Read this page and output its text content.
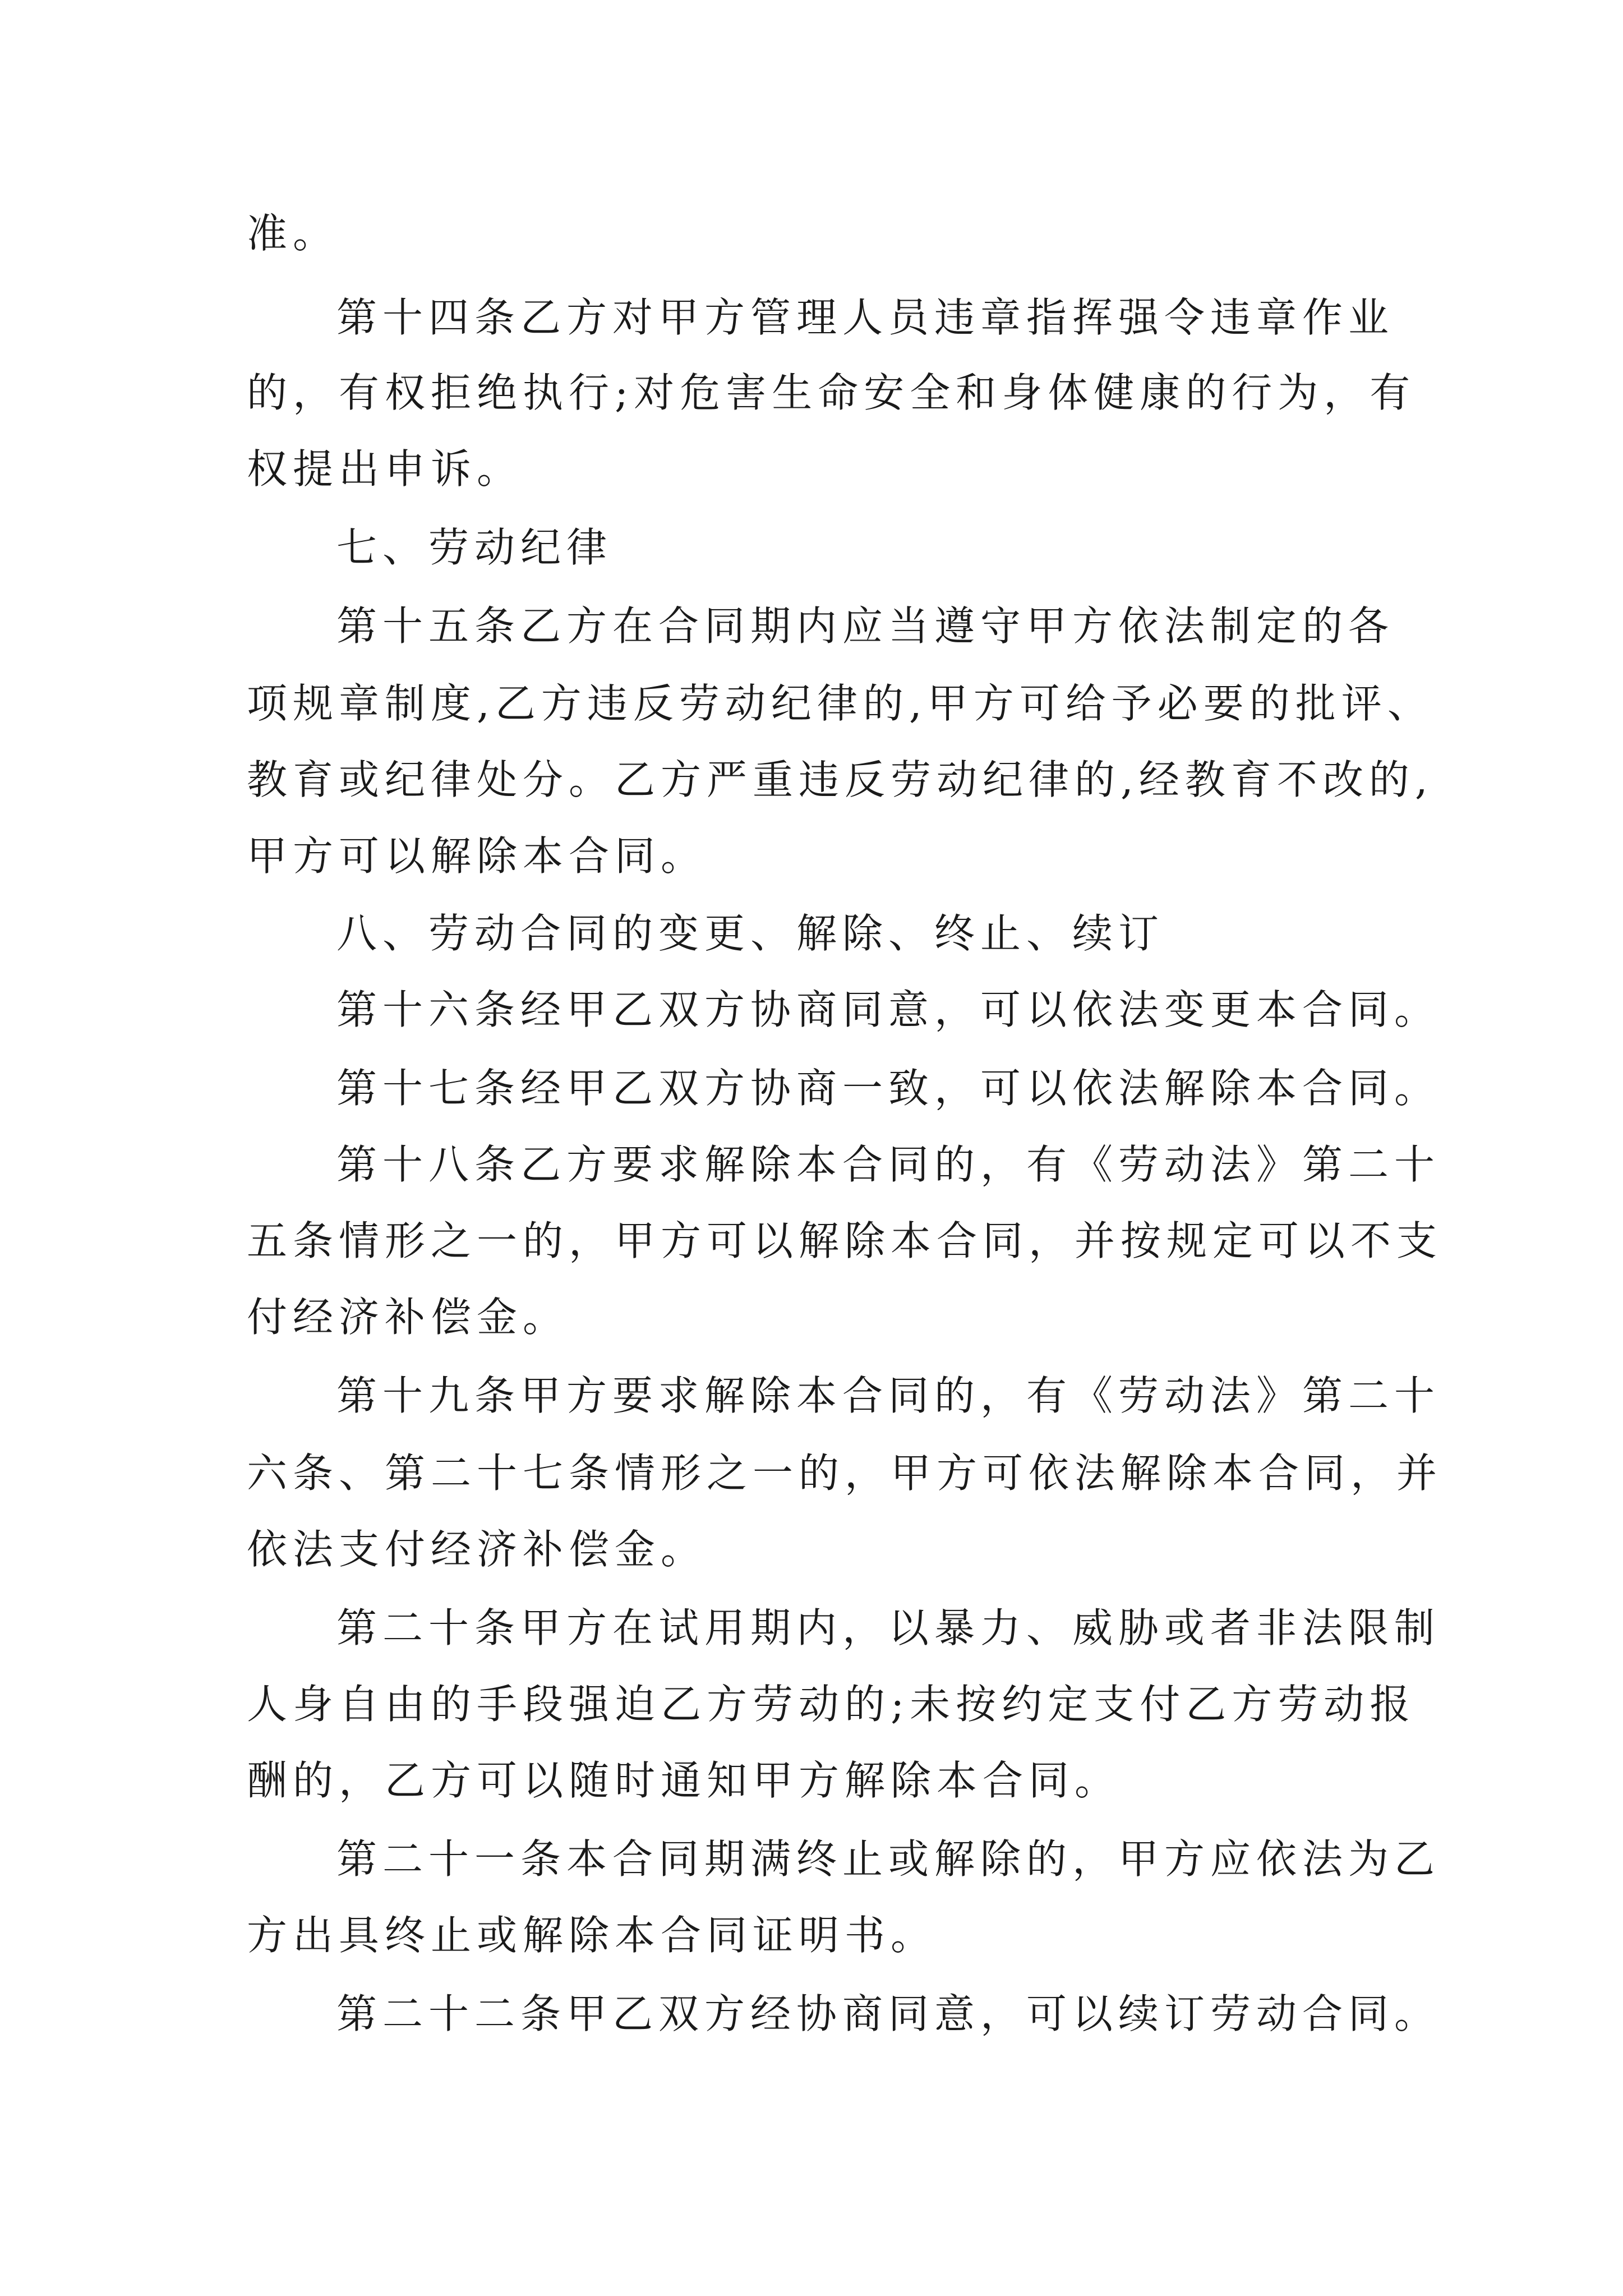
准。
第十四条乙方对甲方管理人员违章指挥强令违章作业
的，有权拒绝执行;对危害生命安全和身体健康的行为，有
权提出申诉。
七、劳动纪律
第十五条乙方在合同期内应当遵守甲方依法制定的各
项规章制度,乙方违反劳动纪律的,甲方可给予必要的批评、
教育或纪律处分。乙方严重违反劳动纪律的,经教育不改的,
甲方可以解除本合同。
八、劳动合同的变更、解除、终止、续订
第十六条经甲乙双方协商同意，可以依法变更本合同。
第十七条经甲乙双方协商一致，可以依法解除本合同。
第十八条乙方要求解除本合同的，有《劳动法》第二十
五条情形之一的，甲方可以解除本合同，并按规定可以不支
付经济补偿金。
第十九条甲方要求解除本合同的，有《劳动法》第二十
六条、第二十七条情形之一的，甲方可依法解除本合同，并
依法支付经济补偿金。
第二十条甲方在试用期内，以暴力、威胁或者非法限制
人身自由的手段强迫乙方劳动的;未按约定支付乙方劳动报
酬的，乙方可以随时通知甲方解除本合同。
第二十一条本合同期满终止或解除的，甲方应依法为乙
方出具终止或解除本合同证明书。
第二十二条甲乙双方经协商同意，可以续订劳动合同。
